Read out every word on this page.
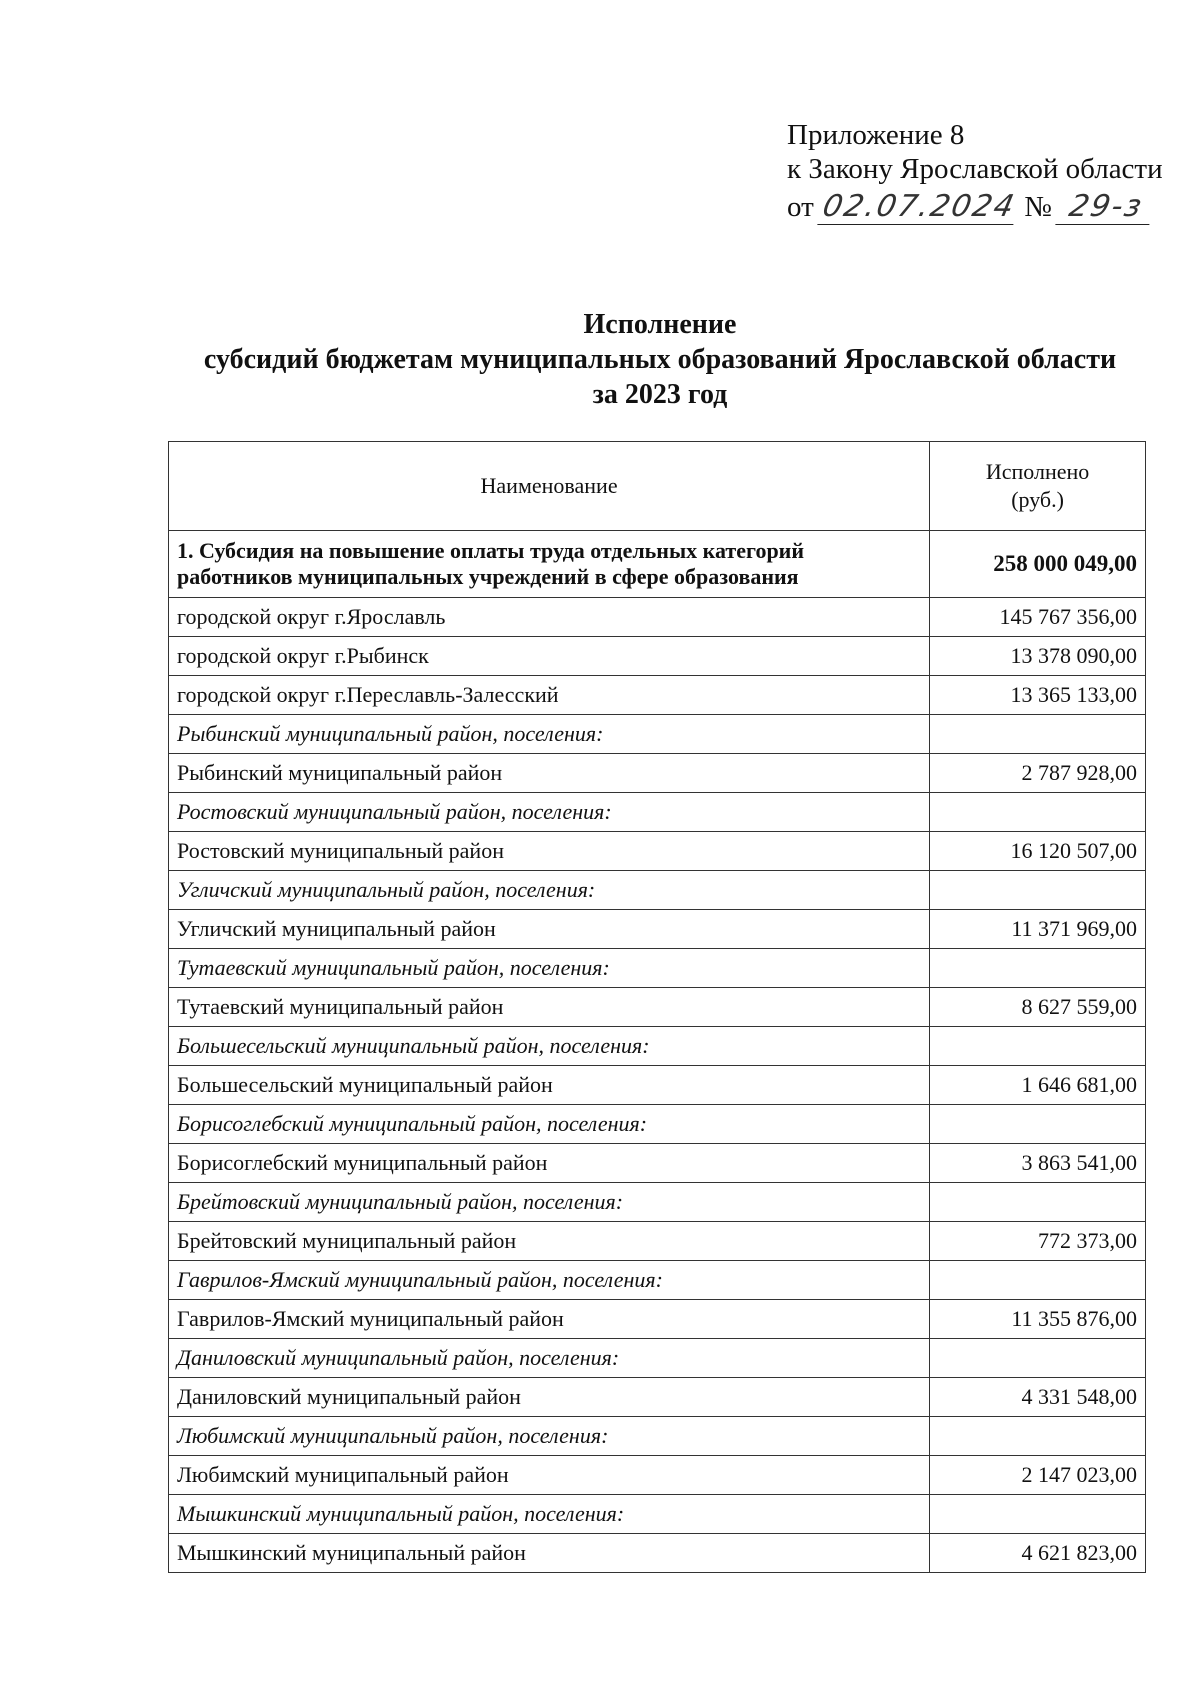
Приложение 8
к Закону Ярославской области
от 02.07.2024 № 29-з
Исполнение
субсидий бюджетам муниципальных образований Ярославской области
за 2023 год
Наименование	Исполнено
(руб.)

1. Субсидия на повышение оплаты труда отдельных категорий работников муниципальных учреждений в сфере образования	258 000 049,00
городской округ г.Ярославль	145 767 356,00
городской округ г.Рыбинск	13 378 090,00
городской округ г.Переславль-Залесский	13 365 133,00
Рыбинский муниципальный район, поселения:	
Рыбинский муниципальный район	2 787 928,00
Ростовский муниципальный район, поселения:	
Ростовский муниципальный район	16 120 507,00
Угличский муниципальный район, поселения:	
Угличский муниципальный район	11 371 969,00
Тутаевский муниципальный район, поселения:	
Тутаевский муниципальный район	8 627 559,00
Большесельский муниципальный район, поселения:	
Большесельский муниципальный район	1 646 681,00
Борисоглебский муниципальный район, поселения:	
Борисоглебский муниципальный район	3 863 541,00
Брейтовский муниципальный район, поселения:	
Брейтовский муниципальный район	772 373,00
Гаврилов-Ямский муниципальный район, поселения:	
Гаврилов-Ямский муниципальный район	11 355 876,00
Даниловский муниципальный район, поселения:	
Даниловский муниципальный район	4 331 548,00
Любимский муниципальный район, поселения:	
Любимский муниципальный район	2 147 023,00
Мышкинский муниципальный район, поселения:	
Мышкинский муниципальный район	4 621 823,00
